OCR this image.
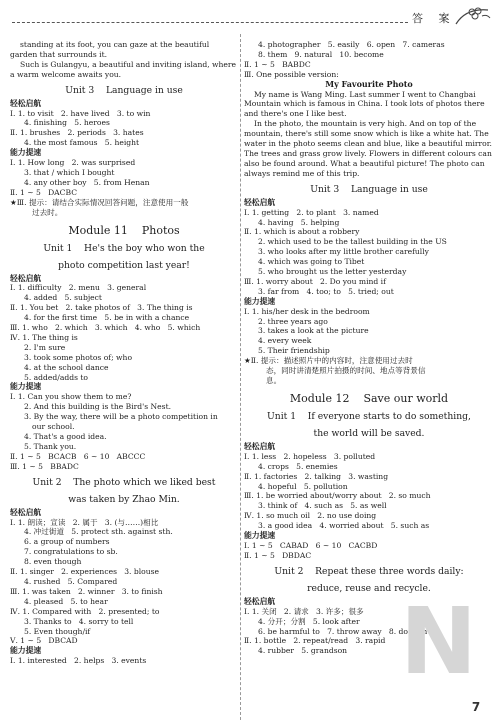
答 案
standing at its foot, you can gaze at the beautiful garden that surrounds it.
Such is Gulangyu, a beautiful and inviting island, where a warm welcome awaits you.
Unit 3    Language in use
轻松启航
Ⅰ. 1. to visit   2. have lived   3. to win
4. finishing   5. heroes
Ⅱ. 1. brushes   2. periods   3. hates
4. the most famous   5. height
能力提速
Ⅰ. 1. How long   2. was surprised
3. that / which I bought
4. any other boy   5. from Henan
Ⅱ. 1 ~ 5   DACBC
★Ⅲ. 提示：请结合实际情况回答问题，注意使用一般
过去时。
Module 11    Photos
Unit 1    He's the boy who won the
photo competition last year!
轻松启航
Ⅰ. 1. difficulty   2. menu   3. general
4. added   5. subject
Ⅱ. 1. You bet   2. take photos of   3. The thing is
4. for the first time   5. be in with a chance
Ⅲ. 1. who   2. which   3. which   4. who   5. which
Ⅳ. 1. The thing is
2. I'm sure
3. took some photos of; who
4. at the school dance
5. added/adds to
能力提速
Ⅰ. 1. Can you show them to me?
2. And this building is the Bird's Nest.
3. By the way, there will be a photo competition in
our school.
4. That's a good idea.
5. Thank you.
Ⅱ. 1 ~ 5   BCACB   6 ~ 10   ABCCC
Ⅲ. 1 ~ 5   BBADC
Unit 2    The photo which we liked best
was taken by Zhao Min.
轻松启航
Ⅰ. 1. 朗读；宣读   2. 属于   3. (与……)相比
4. 冲过街道   5. protect sth. against sth.
6. a group of numbers
7. congratulations to sb.
8. even though
Ⅱ. 1. singer   2. experiences   3. blouse
4. rushed   5. Compared
Ⅲ. 1. was taken   2. winner   3. to finish
4. pleased   5. to hear
Ⅳ. 1. Compared with   2. presented; to
3. Thanks to   4. sorry to tell
5. Even though/if
Ⅴ. 1 ~ 5   DBCAD
能力提速
Ⅰ. 1. interested   2. helps   3. events
4. photographer   5. easily   6. open   7. cameras
8. them   9. natural   10. become
Ⅱ. 1 ~ 5   BABDC
Ⅲ. One possible version:
My Favourite Photo
My name is Wang Ming. Last summer I went to Changbai Mountain which is famous in China. I took lots of photos there and there's one I like best.
In the photo, the mountain is very high. And on top of the mountain, there's still some snow which is like a white hat. The water in the photo seems clean and blue, like a beautiful mirror. The trees and grass grow lively. Flowers in different colours can also be found around. What a beautiful picture! The photo can always remind me of this trip.
Unit 3    Language in use
轻松启航
Ⅰ. 1. getting   2. to plant   3. named
4. having   5. helping
Ⅱ. 1. which is about a robbery
2. which used to be the tallest building in the US
3. who looks after my little brother carefully
4. which was going to Tibet
5. who brought us the letter yesterday
Ⅲ. 1. worry about   2. Do you mind if
3. far from   4. too; to   5. tried; out
能力提速
Ⅰ. 1. his/her desk in the bedroom
2. three years ago
3. takes a look at the picture
4. every week
5. Their friendship
★Ⅱ. 提示：描述照片中的内容时，注意使用过去时
态，同时讲清楚照片拍摄的时间、地点等背景信
息。
Module 12    Save our world
Unit 1    If everyone starts to do something,
the world will be saved.
轻松启航
Ⅰ. 1. less   2. hopeless   3. polluted
4. crops   5. enemies
Ⅱ. 1. factories   2. talking   3. wasting
4. hopeful   5. pollution
Ⅲ. 1. be worried about/worry about   2. so much
3. think of   4. such as   5. as well
Ⅳ. 1. so much oil   2. no use doing
3. a good idea   4. worried about   5. such as
能力提速
Ⅰ. 1 ~ 5   CABAD   6 ~ 10   CACBD
Ⅱ. 1 ~ 5   DBDAC
Unit 2    Repeat these three words daily:
reduce, reuse and recycle.
轻松启航
Ⅰ. 1. 关闭   2. 请求   3. 许多；很多
4. 分开；分割   5. look after
6. be harmful to   7. throw away   8. do with
Ⅱ. 1. bottle   2. repeat/read   3. rapid
4. rubber   5. grandson N
7
